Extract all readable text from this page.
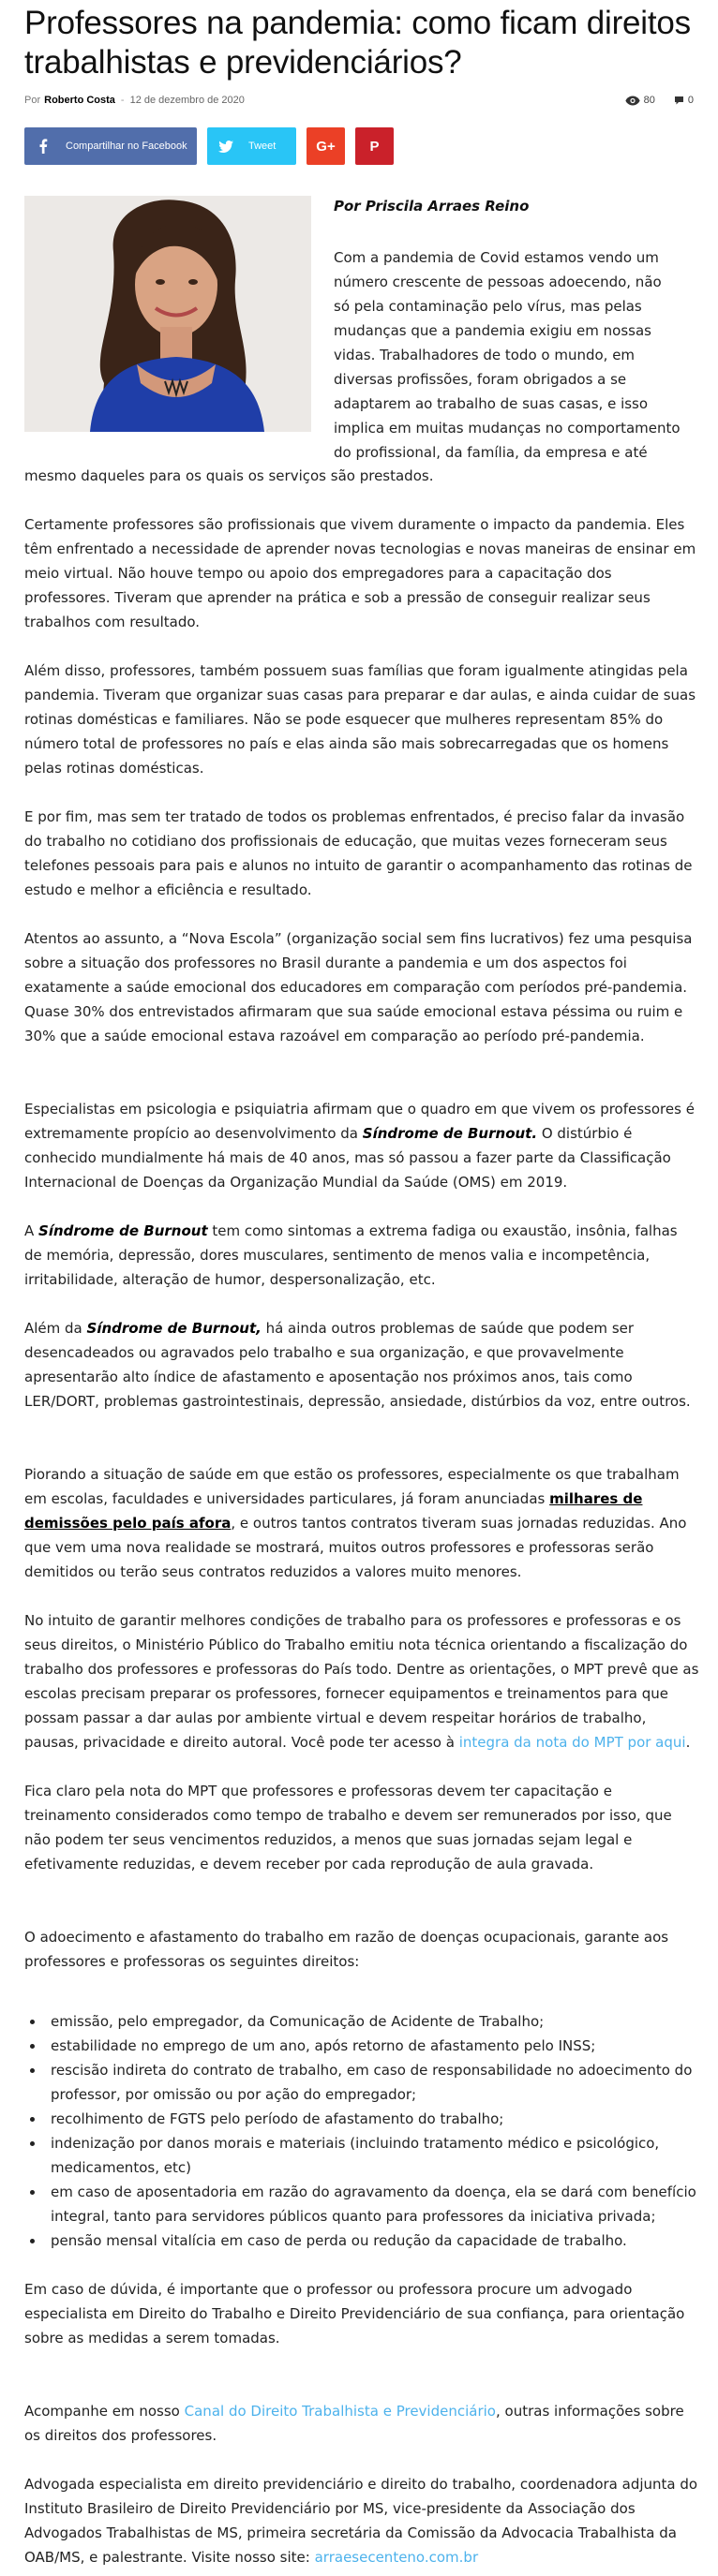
Professores na pandemia: como ficam direitos trabalhistas e previdenciários?
Por Roberto Costa - 12 de dezembro de 2020	80	0
Compartilhar no Facebook	Tweet	G+ P
Por Priscila Arraes Reino
Com a pandemia de Covid estamos vendo um número crescente de pessoas adoecendo, não só pela contaminação pelo vírus, mas pelas mudanças que a pandemia exigiu em nossas vidas. Trabalhadores de todo o mundo, em diversas profissões, foram obrigados a se adaptarem ao trabalho de suas casas, e isso implica em muitas mudanças no comportamento do profissional, da família, da empresa e até
mesmo daqueles para os quais os serviços são prestados.

Certamente professores são profissionais que vivem duramente o impacto da pandemia. Eles têm enfrentado a necessidade de aprender novas tecnologias e novas maneiras de ensinar em meio virtual. Não houve tempo ou apoio dos empregadores para a capacitação dos professores. Tiveram que aprender na prática e sob a pressão de conseguir realizar seus trabalhos com resultado.

Além disso, professores, também possuem suas famílias que foram igualmente atingidas pela pandemia. Tiveram que organizar suas casas para preparar e dar aulas, e ainda cuidar de suas rotinas domésticas e familiares. Não se pode esquecer que mulheres representam 85% do número total de professores no país e elas ainda são mais sobrecarregadas que os homens pelas rotinas domésticas.

E por fim, mas sem ter tratado de todos os problemas enfrentados, é preciso falar da invasão do trabalho no cotidiano dos profissionais de educação, que muitas vezes forneceram seus telefones pessoais para pais e alunos no intuito de garantir o acompanhamento das rotinas de estudo e melhor a eficiência e resultado.

Atentos ao assunto, a “Nova Escola” (organização social sem fins lucrativos) fez uma pesquisa sobre a situação dos professores no Brasil durante a pandemia e um dos aspectos foi exatamente a saúde emocional dos educadores em comparação com períodos pré-pandemia. Quase 30% dos entrevistados afirmaram que sua saúde emocional estava péssima ou ruim e 30% que a saúde emocional estava razoável em comparação ao período pré-pandemia.

Especialistas em psicologia e psiquiatria afirmam que o quadro em que vivem os professores é extremamente propício ao desenvolvimento da Síndrome de Burnout. O distúrbio é conhecido mundialmente há mais de 40 anos, mas só passou a fazer parte da Classificação Internacional de Doenças da Organização Mundial da Saúde (OMS) em 2019.

A Síndrome de Burnout tem como sintomas a extrema fadiga ou exaustão, insônia, falhas de memória, depressão, dores musculares, sentimento de menos valia e incompetência, irritabilidade, alteração de humor, despersonalização, etc.

Além da Síndrome de Burnout, há ainda outros problemas de saúde que podem ser desencadeados ou agravados pelo trabalho e sua organização, e que provavelmente apresentarão alto índice de afastamento e aposentação nos próximos anos, tais como LER/DORT, problemas gastrointestinais, depressão, ansiedade, distúrbios da voz, entre outros.

Piorando a situação de saúde em que estão os professores, especialmente os que trabalham em escolas, faculdades e universidades particulares, já foram anunciadas milhares de demissões pelo país afora, e outros tantos contratos tiveram suas jornadas reduzidas. Ano que vem uma nova realidade se mostrará, muitos outros professores e professoras serão demitidos ou terão seus contratos reduzidos a valores muito menores.

No intuito de garantir melhores condições de trabalho para os professores e professoras e os seus direitos, o Ministério Público do Trabalho emitiu nota técnica orientando a fiscalização do trabalho dos professores e professoras do País todo. Dentre as orientações, o MPT prevê que as escolas precisam preparar os professores, fornecer equipamentos e treinamentos para que possam passar a dar aulas por ambiente virtual e devem respeitar horários de trabalho, pausas, privacidade e direito autoral. Você pode ter acesso à integra da nota do MPT por aqui.

Fica claro pela nota do MPT que professores e professoras devem ter capacitação e treinamento considerados como tempo de trabalho e devem ser remunerados por isso, que não podem ter seus vencimentos reduzidos, a menos que suas jornadas sejam legal e efetivamente reduzidas, e devem receber por cada reprodução de aula gravada.

O adoecimento e afastamento do trabalho em razão de doenças ocupacionais, garante aos professores e professoras os seguintes direitos:

• emissão, pelo empregador, da Comunicação de Acidente de Trabalho;
• estabilidade no emprego de um ano, após retorno de afastamento pelo INSS;
• rescisão indireta do contrato de trabalho, em caso de responsabilidade no adoecimento do professor, por omissão ou por ação do empregador;
• recolhimento de FGTS pelo período de afastamento do trabalho;
• indenização por danos morais e materiais (incluindo tratamento médico e psicológico, medicamentos, etc)
• em caso de aposentadoria em razão do agravamento da doença, ela se dará com benefício integral, tanto para servidores públicos quanto para professores da iniciativa privada;
• pensão mensal vitalícia em caso de perda ou redução da capacidade de trabalho.

Em caso de dúvida, é importante que o professor ou professora procure um advogado especialista em Direito do Trabalho e Direito Previdenciário de sua confiança, para orientação sobre as medidas a serem tomadas.

Acompanhe em nosso Canal do Direito Trabalhista e Previdenciário, outras informações sobre os direitos dos professores.

Advogada especialista em direito previdenciário e direito do trabalho, coordenadora adjunta do Instituto Brasileiro de Direito Previdenciário por MS, vice-presidente da Associação dos Advogados Trabalhistas de MS, primeira secretária da Comissão da Advocacia Trabalhista da OAB/MS, e palestrante. Visite nosso site: arraesecenteno.com.br
